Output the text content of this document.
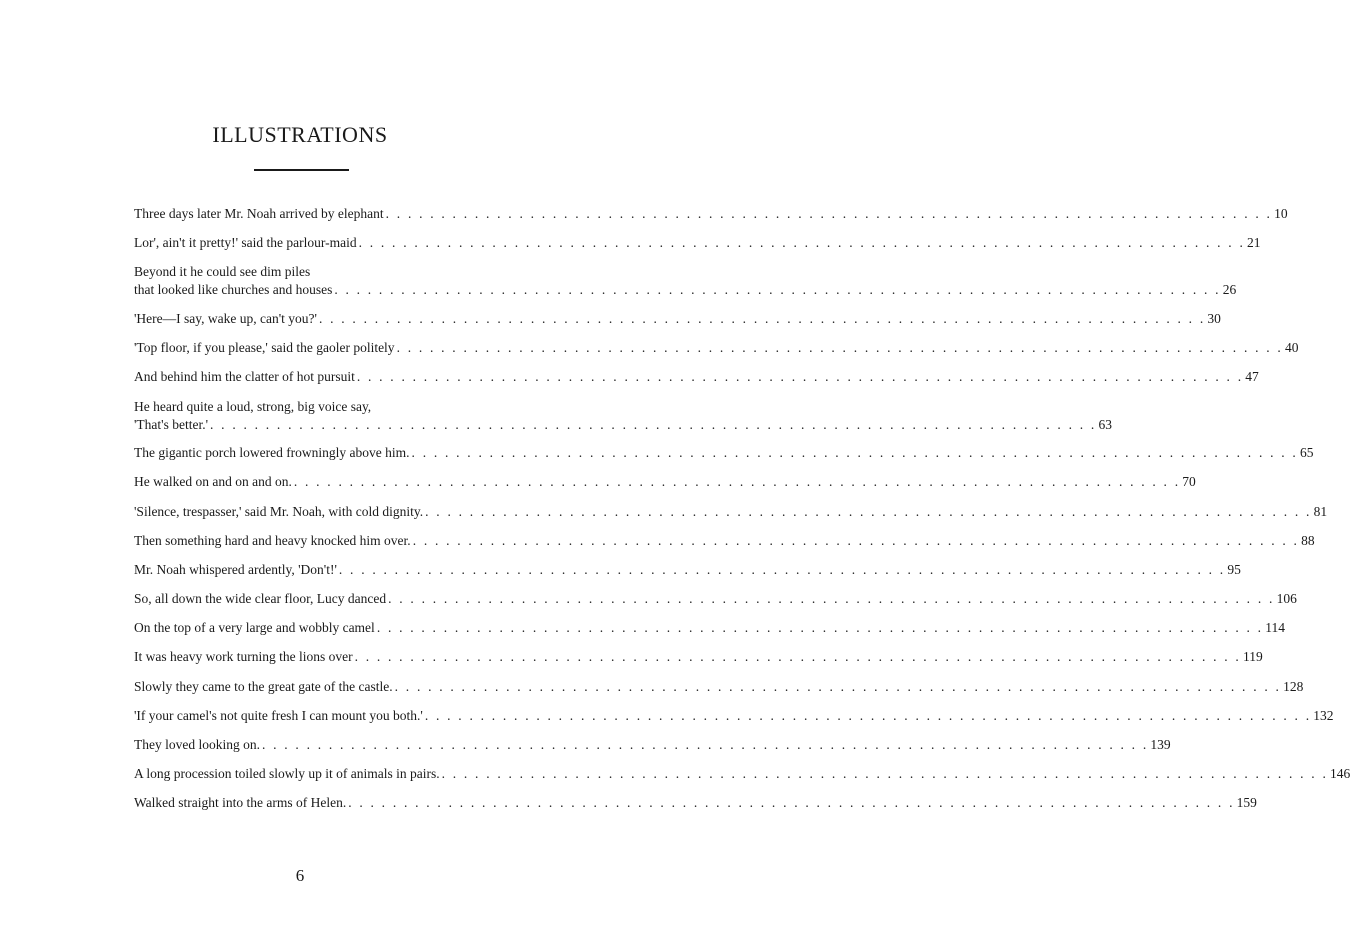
ILLUSTRATIONS
Three days later Mr. Noah arrived by elephant . . . . . . . . . . . . . . . . . . . . . . . . . . . . . . . . . . . . . . . . . . . . . . . . . . . . . . . . . . . . . . . . . . . . . . . . . . . . . . . . 10
Lor', ain't it pretty!' said the parlour-maid . . . . . . . . . . . . . . . . . . . . . . . . . . . . . . . . . . . . . . . . . . . . . . . . . . . . . . . . . . . . . . . . . . . . . . . . . . . . . . . . 21
Beyond it he could see dim piles
that looked like churches and houses . . . . . . . . . . . . . . . . . . . . . . . . . . . . . . . . . . . . . . . . . . . . . . . . . . . . . . . . . . . . . . . . . . . . . . . . . . . . . . . . 26
'Here—I say, wake up, can't you?' . . . . . . . . . . . . . . . . . . . . . . . . . . . . . . . . . . . . . . . . . . . . . . . . . . . . . . . . . . . . . . . . . . . . . . . . . . . . . . . . 30
'Top floor, if you please,' said the gaoler politely . . . . . . . . . . . . . . . . . . . . . . . . . . . . . . . . . . . . . . . . . . . . . . . . . . . . . . . . . . . . . . . . . . . . . . . . . . . . . . . . 40
And behind him the clatter of hot pursuit . . . . . . . . . . . . . . . . . . . . . . . . . . . . . . . . . . . . . . . . . . . . . . . . . . . . . . . . . . . . . . . . . . . . . . . . . . . . . . . . 47
He heard quite a loud, strong, big voice say,
'That's better.' . . . . . . . . . . . . . . . . . . . . . . . . . . . . . . . . . . . . . . . . . . . . . . . . . . . . . . . . . . . . . . . . . . . . . . . . . . . . . . . . 63
The gigantic porch lowered frowningly above him. . . . . . . . . . . . . . . . . . . . . . . . . . . . . . . . . . . . . . . . . . . . . . . . . . . . . . . . . . . . . . . . . . . . . . . . . . . . . . . . . 65
He walked on and on and on. . . . . . . . . . . . . . . . . . . . . . . . . . . . . . . . . . . . . . . . . . . . . . . . . . . . . . . . . . . . . . . . . . . . . . . . . . . . . . . . . 70
'Silence, trespasser,' said Mr. Noah, with cold dignity. . . . . . . . . . . . . . . . . . . . . . . . . . . . . . . . . . . . . . . . . . . . . . . . . . . . . . . . . . . . . . . . . . . . . . . . . . . . . . . . . 81
Then something hard and heavy knocked him over. . . . . . . . . . . . . . . . . . . . . . . . . . . . . . . . . . . . . . . . . . . . . . . . . . . . . . . . . . . . . . . . . . . . . . . . . . . . . . . . . 88
Mr. Noah whispered ardently, 'Don't!' . . . . . . . . . . . . . . . . . . . . . . . . . . . . . . . . . . . . . . . . . . . . . . . . . . . . . . . . . . . . . . . . . . . . . . . . . . . . . . . . 95
So, all down the wide clear floor, Lucy danced . . . . . . . . . . . . . . . . . . . . . . . . . . . . . . . . . . . . . . . . . . . . . . . . . . . . . . . . . . . . . . . . . . . . . . . . . . . . . . . . 106
On the top of a very large and wobbly camel . . . . . . . . . . . . . . . . . . . . . . . . . . . . . . . . . . . . . . . . . . . . . . . . . . . . . . . . . . . . . . . . . . . . . . . . . . . . . . . . 114
It was heavy work turning the lions over . . . . . . . . . . . . . . . . . . . . . . . . . . . . . . . . . . . . . . . . . . . . . . . . . . . . . . . . . . . . . . . . . . . . . . . . . . . . . . . . 119
Slowly they came to the great gate of the castle. . . . . . . . . . . . . . . . . . . . . . . . . . . . . . . . . . . . . . . . . . . . . . . . . . . . . . . . . . . . . . . . . . . . . . . . . . . . . . . . . 128
'If your camel's not quite fresh I can mount you both.' . . . . . . . . . . . . . . . . . . . . . . . . . . . . . . . . . . . . . . . . . . . . . . . . . . . . . . . . . . . . . . . . . . . . . . . . . . . . . . . . 132
They loved looking on. . . . . . . . . . . . . . . . . . . . . . . . . . . . . . . . . . . . . . . . . . . . . . . . . . . . . . . . . . . . . . . . . . . . . . . . . . . . . . . . . 139
A long procession toiled slowly up it of animals in pairs. . . . . . . . . . . . . . . . . . . . . . . . . . . . . . . . . . . . . . . . . . . . . . . . . . . . . . . . . . . . . . . . . . . . . . . . . . . . . . . . . 146
Walked straight into the arms of Helen. . . . . . . . . . . . . . . . . . . . . . . . . . . . . . . . . . . . . . . . . . . . . . . . . . . . . . . . . . . . . . . . . . . . . . . . . . . . . . . . . 159
6
